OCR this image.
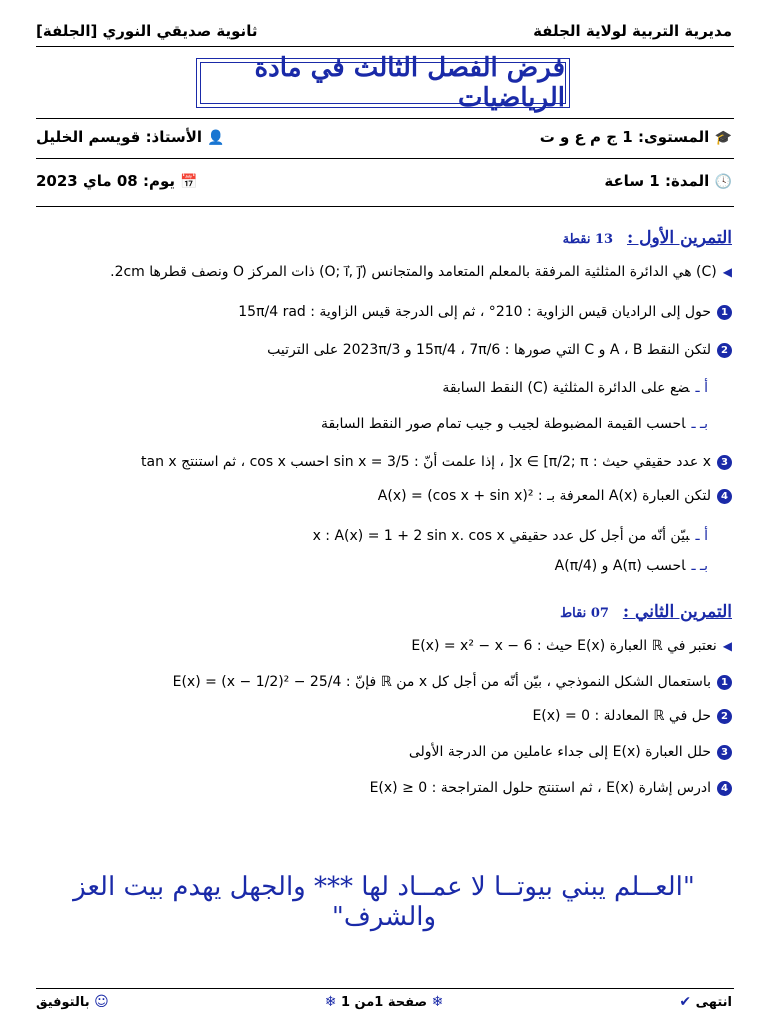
مديرية التربية لولاية الجلفة
ثانوية صديقي النوري [الجلفة]
فرض الفصل الثالث في مادة الرياضيات
🎓 المستوى: 1 ج م ع و ت
👤 الأستاذ: قويسم الخليل
🕓 المدة: 1 ساعة
📅 يوم: 08 ماي 2023
التمرين الأول : 13 نقطة
◀(C) هي الدائرة المثلثية المرفقة بالمعلم المتعامد والمتجانس (O; i⃗, j⃗) ذات المركز O ونصف قطرها 2cm.
1حول إلى الراديان قيس الزاوية : 210° ، ثم إلى الدرجة قيس الزاوية : 15π/4 rad
2لتكن النقط A ، B و C التي صورها : 15π/4 ، 7π/6 و 2023π/3 على الترتيب
أ ـضع على الدائرة المثلثية (C) النقط السابقة
بـ ـاحسب القيمة المضبوطة لجيب و جيب تمام صور النقط السابقة
3x عدد حقيقي حيث : x ∈ [π/2; π[ ، إذا علمت أنّ : sin x = 3/5 احسب cos x ، ثم استنتج tan x
4لتكن العبارة A(x) المعرفة بـ : A(x) = (cos x + sin x)²
أ ـبيّن أنّه من أجل كل عدد حقيقي x : A(x) = 1 + 2 sin x. cos x
بـ ـاحسب A(π) و A(π/4)
التمرين الثاني : 07 نقاط
◀نعتبر في ℝ العبارة E(x) حيث : E(x) = x² − x − 6
1باستعمال الشكل النموذجي ، بيّن أنّه من أجل كل x من ℝ فإنّ : E(x) = (x − 1/2)² − 25/4
2حل في ℝ المعادلة : E(x) = 0
3حلل العبارة E(x) إلى جداء عاملين من الدرجة الأولى
4ادرس إشارة E(x) ، ثم استنتج حلول المتراجحة : E(x) ≥ 0
"العــلم يبني بيوتــا لا عمــاد لها *** والجهل يهدم بيت العز والشرف"
انتهى ✔
❄ صفحة 1من 1 ❄
☺ بالتوفيق
